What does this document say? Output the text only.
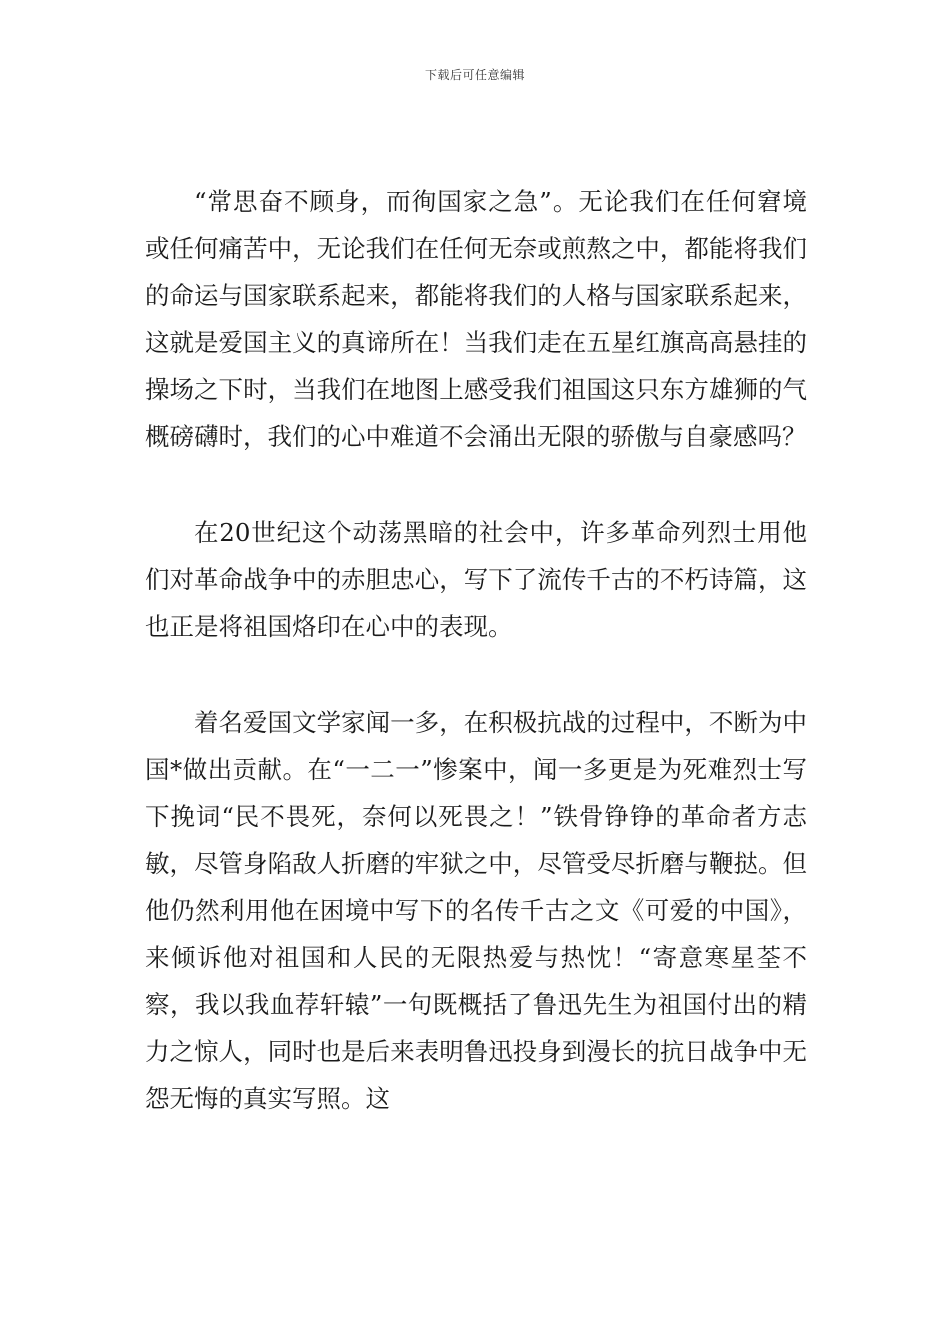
下载后可任意编辑

“常思奋不顾身，而徇国家之急”。无论我们在任何窘境或任何痛苦中，无论我们在任何无奈或煎熬之中，都能将我们的命运与国家联系起来，都能将我们的人格与国家联系起来，这就是爱国主义的真谛所在！当我们走在五星红旗高高悬挂的操场之下时，当我们在地图上感受我们祖国这只东方雄狮的气概磅礴时，我们的心中难道不会涌出无限的骄傲与自豪感吗？

在20世纪这个动荡黑暗的社会中，许多革命列烈士用他们对革命战争中的赤胆忠心，写下了流传千古的不朽诗篇，这也正是将祖国烙印在心中的表现。

着名爱国文学家闻一多，在积极抗战的过程中，不断为中国*做出贡献。在“一二一”惨案中，闻一多更是为死难烈士写下挽词“民不畏死，奈何以死畏之！”铁骨铮铮的革命者方志敏，尽管身陷敌人折磨的牢狱之中，尽管受尽折磨与鞭挞。但他仍然利用他在困境中写下的名传千古之文《可爱的中国》，来倾诉他对祖国和人民的无限热爱与热忱！“寄意寒星荃不察，我以我血荐轩辕”一句既概括了鲁迅先生为祖国付出的精力之惊人，同时也是后来表明鲁迅投身到漫长的抗日战争中无怨无悔的真实写照。这
